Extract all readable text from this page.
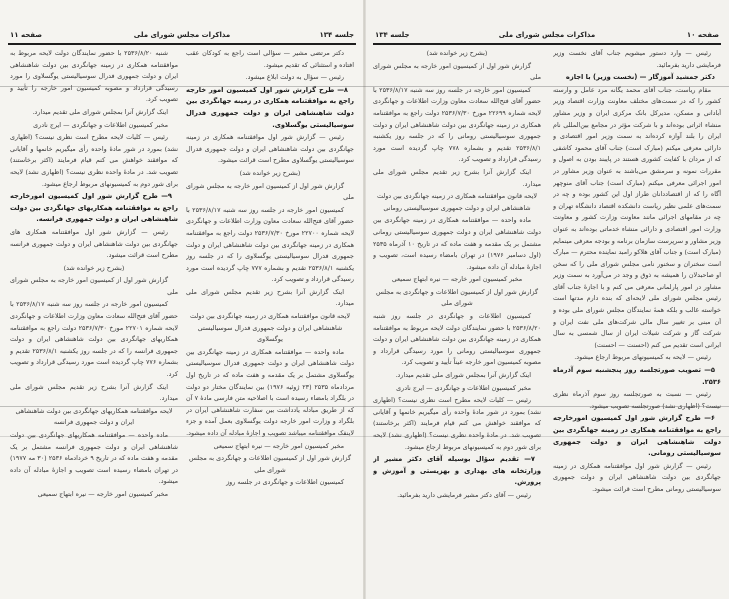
جلسه ۱۳۴
مذاکرات مجلس شورای ملی
صفحه ۱۱

دکتر مرتضی مشیر — سؤالی است راجع به کودکان عقب افتاده و استثنائی که تقدیم میشود.

رئیس — سؤال به دولت ابلاغ میشود.

۸— طرح گزارش شور اول کمیسیون امور خارجه راجع به موافقتنامه همکاری در زمینه جهانگردی بین دولت شاهنشاهی ایران و دولت جمهوری فدرال سوسیالیستی یوگسلاوی.

رئیس — گزارش شور اول موافقتنامه همکاری در زمینه جهانگردی بین دولت شاهنشاهی ایران و دولت جمهوری فدرال سوسیالیستی یوگسلاوی مطرح است قرائت میشود.

(بشرح زیر خوانده شد)

گزارش شور اول از کمیسیون امور خارجه به مجلس شورای ملی

کمیسیون امور خارجه در جلسه روز سه شنبه ۲۵۳۶/۸/۱۷ با حضور آقای فتح‌الله سعادت معاون وزارت اطلاعات و جهانگردی لایحه شماره ۲۲۷۰۰ مورخ ۲۵۳۶/۷/۳۰ دولت راجع به موافقتنامه همکاری در زمینه جهانگردی بین دولت شاهنشاهی ایران و دولت جمهوری فدرال سوسیالیستی یوگسلاوی را که در جلسه روز یکشنبه ۲۵۳۶/۸/۱ تقدیم و بشماره ۷۷۷ چاپ گردیده است مورد رسیدگی قرارداد و تصویب کرد.

اینک گزارش آنرا بشرح زیر تقدیم مجلس شورای ملی میدارد.

لایحه قانون موافقتنامه همکاری در زمینه جهانگردی بین دولت شاهنشاهی ایران و دولت جمهوری فدرال سوسیالیستی یوگسلاوی

ماده واحده — موافقتنامه همکاری در زمینه جهانگردی بین دولت شاهنشاهی ایران و دولت جمهوری فدرال سوسیالیستی یوگسلاوی مشتمل بر یک مقدمه و هفت ماده که در تاریخ اول مردادماه ۲۵۳۵ (۲۳ ژوئیه ۱۹۷۶) بین نمایندگان مختار دو دولت در بلگراد بامضاء رسیده است با اصلاحیه متن فارسی مادهٔ ۷ آن که از طریق مبادله یادداشت بین سفارت شاهنشاهی ایران در بلگراد و وزارت امور خارجه دولت یوگسلاوی بعمل آمده و جزء لاینفک موافقتنامه میباشد تصویب و اجازهٔ مبادله آن داده میشود.

مخبر کمیسیون امور خارجه — نیره ابتهاج سمیعی

گزارش شور اول از کمیسیون اطلاعات و جهانگردی به مجلس شورای ملی

کمیسیون اطلاعات و جهانگردی در جلسه روز

شنبه ۲۵۳۶/۸/۲۰ با حضور نمایندگان دولت لایحه مربوط به موافقتنامه همکاری در زمینه جهانگردی بین دولت شاهنشاهی ایران و دولت جمهوری فدرال سوسیالیستی یوگسلاوی را مورد رسیدگی قرارداد و مصوبه کمیسیون امور خارجه را تأیید و تصویب کرد.

اینک گزارش آنرا بمجلس شورای ملی تقدیم میدارد.

مخبر کمیسیون اطلاعات و جهانگردی — ایرج نادری

رئیس — کلیات لایحه مطرح است نظری نیست؟ (اظهاری نشد) بمورد در شور مادهٔ واحده رأی میگیریم خانمها و آقایانی که موافقند خواهش می کنم قیام فرمایند (اکثر برخاستند) تصویب شد. در مادهٔ واحده نظری نیست؟ (اظهاری نشد) لایحه برای شور دوم به کمیسیونهای مربوط ارجاع میشود.

۹— طرح گزارش شور اول کمیسیون امورخارجه راجع به موافقتنامه همکاریهای جهانگردی بین دولت شاهنشاهی ایران و دولت جمهوری فرانسه.

رئیس — گزارش شور اول موافقتنامه همکاری های جهانگردی بین دولت شاهنشاهی ایران و دولت جمهوری فرانسه مطرح است قرائت میشود.

(بشرح زیر خوانده شد)

گزارش شور اول از کمیسیون امور خارجه به مجلس شورای ملی

کمیسیون امور خارجه در جلسه روز سه شنبه ۲۵۳۶/۸/۱۷ با حضور آقای فتح‌الله سعادت معاون وزارت اطلاعات و جهانگردی لایحه شماره ۲۲۷۰۱ مورخ ۲۵۳۶/۷/۳۰ دولت راجع به موافقتنامه همکاریهای جهانگردی بین دولت شاهنشاهی ایران و دولت جمهوری فرانسه را که در جلسه روز یکشنبه ۲۵۳۶/۸/۱ تقدیم و بشماره ۷۷۶ چاپ گردیده است مورد رسیدگی قرارداد و تصویب کرد.

اینک گزارش آنرا بشرح زیر تقدیم مجلس شورای ملی میدارد.

لایحه موافقتنامه همکاریهای جهانگردی بین دولت شاهنشاهی ایران و دولت جمهوری فرانسه

ماده واحده — موافقتنامه همکاریهای جهانگردی بین دولت شاهنشاهی ایران و دولت جمهوری فرانسه مشتمل بر یک مقدمه و هفت ماده که در تاریخ ۹ خردادماه ۲۵۳۶ (۳۰ مه ۱۹۷۷) در تهران بامضاء رسیده است تصویب و اجازهٔ مبادله آن داده میشود.

مخبر کمیسیون امور خارجه — نیره ابتهاج سمیعی

صفحه ۱۰
مذاکرات مجلس شورای ملی
جلسه ۱۳۴

رئیس — وارد دستور میشویم جناب آقای نخست وزیر فرمایشی دارید بفرمائید.

دکتر جمشید آموزگار — (نخست وزیر) با اجازه

مقام ریاست، جناب آقای محمد یگانه مرد عامل و وارسته کشور را که در سمت‌های مختلف معاونت وزارت اقتصاد وزیر آبادانی و مسکن، مدیرکل بانک مرکزی ایران و وزیر مشاور منشاء اثراتی بوده‌اند و با شرکت مؤثر در مجامع بین‌المللی نام ایران را بلند آوازه کرده‌اند به سمت وزیر امور اقتصادی و دارائی معرفی میکنم (مبارک است) جناب آقای محمود کاشفی که از مردان با کفایت کشوری هستند در پایبند بودن به اصول و مقررات نمونه و سرمشق می‌باشند به عنوان وزیر مشاور در امور اجرائی معرفی میکنم (مبارک است) جناب آقای منوچهر آگاه را که از اقتصاددانان طراز اول این کشور بوده و چه در سمت‌های علمی نظیر ریاست دانشکده اقتصاد دانشگاه تهران و چه در مقامهای اجرائی مانند معاونت وزارت کشور و معاونت وزارت امور اقتصادی و دارائی منشاء خدماتی بوده‌اند به عنوان وزیر مشاور و سرپرست سازمان برنامه و بودجه معرفی مینمایم (مبارک است) و جناب آقای هلاکو رامبد نماینده محترم — مبارک است سخنران و سخنور نامی مجلس شورای ملی را که سخن او صاحبدلان را همیشه به ذوق و وجد در می‌آورد به سمت وزیر مشاور در امور پارلمانی معرفی می کنم و با اجازهٔ جناب آقای رئیس مجلس شورای ملی لایحه‌ای که بنده دارم مدتها است خواسته غالب و بلکه همهٔ نمایندگان مجلس شورای ملی بوده و آن مبنی بر تغییر سال مالی شرکت‌های ملی نفت ایران و شرکت گاز و شرکت شیلات ایران از سال شمسی به سال ایرانی است تقدیم می کنم (احسنت — احسنت)

رئیس — لایحه به کمیسیونهای مربوط ارجاع میشود.

۵— تصویب صورتجلسه روز پنجشنبه سوم آذرماه ۲۵۳۶.

رئیس — نسبت به صورتجلسه روز سوم آذرماه نظری نیست؟ (اظهاری نشد) صورتجلسه تصویب میشود.

۶— طرح گزارش شور اول کمیسیون امورخارجه راجع به موافقتنامه همکاری در زمینه جهانگردی بین دولت شاهنشاهی ایران و دولت جمهوری سوسیالیستی رومانی.

رئیس — گزارش شور اول موافقتنامه همکاری در زمینه جهانگردی بین دولت شاهنشاهی ایران و دولت جمهوری سوسیالیستی رومانی مطرح است قرائت میشود.

(بشرح زیر خوانده شد)

گزارش شور اول از کمیسیون امور خارجه به مجلس شورای ملی

کمیسیون امور خارجه در جلسه روز سه شنبه ۲۵۳۶/۸/۱۷ با حضور آقای فتح‌الله سعادت معاون وزارت اطلاعات و جهانگردی لایحه شماره ۲۲۶۹۹ مورخ ۲۵۳۶/۷/۳۰ دولت راجع به موافقتنامه همکاری در زمینه جهانگردی بین دولت شاهنشاهی ایران و دولت جمهوری سوسیالیستی رومانی را که در جلسه روز یکشنبه ۲۵۳۶/۸/۱ تقدیم و بشماره ۷۷۸ چاپ گردیده است مورد رسیدگی قرارداد و تصویب کرد.

اینک گزارش آنرا بشرح زیر تقدیم مجلس شورای ملی میدارد.

لایحه قانون موافقتنامه همکاری در زمینه جهانگردی بین دولت شاهنشاهی ایران و دولت جمهوری سوسیالیستی رومانی

ماده واحده — موافقتنامه همکاری در زمینه جهانگردی بین دولت شاهنشاهی ایران و دولت جمهوری سوسیالیستی رومانی مشتمل بر یک مقدمه و هفت ماده که در تاریخ ۱۰ آذرماه ۲۵۳۵ (اول دسامبر ۱۹۷۶) در تهران بامضاء رسیده است، تصویب و اجازهٔ مبادله آن داده میشود.

مخبر کمیسیون امور خارجه — نیره ابتهاج سمیعی

گزارش شور اول از کمیسیون اطلاعات و جهانگردی به مجلس شورای ملی

کمیسیون اطلاعات و جهانگردی در جلسه روز شنبه ۲۵۳۶/۸/۲۰ با حضور نمایندگان دولت لایحه مربوط به موافقتنامه همکاری در زمینه جهانگردی بین دولت شاهنشاهی ایران و دولت جمهوری سوسیالیستی رومانی را مورد رسیدگی قرارداد و مصوبه کمیسیون امور خارجه عیناً تأیید و تصویب کرد.

اینک گزارش آنرا بمجلس شورای ملی تقدیم میدارد.

مخبر کمیسیون اطلاعات و جهانگردی — ایرج نادری

رئیس — کلیات لایحه مطرح است نظری نیست؟ (اظهاری نشد) بمورد در شور مادهٔ واحده رأی میگیریم خانمها و آقایانی که موافقند خواهش می کنم قیام فرمایند (اکثر برخاستند) تصویب شد. در مادهٔ واحده نظری نیست؟ (اظهاری نشد) لایحه برای شور دوم به کمیسیونهای مربوط ارجاع میشود.

۷— تقدیم سؤال بوسیله آقای دکتر مشیر از وزارتخانه های بهداری و بهزیستی و آموزش و پرورش.

رئیس — آقای دکتر مشیر فرمایشی دارید بفرمائید.
